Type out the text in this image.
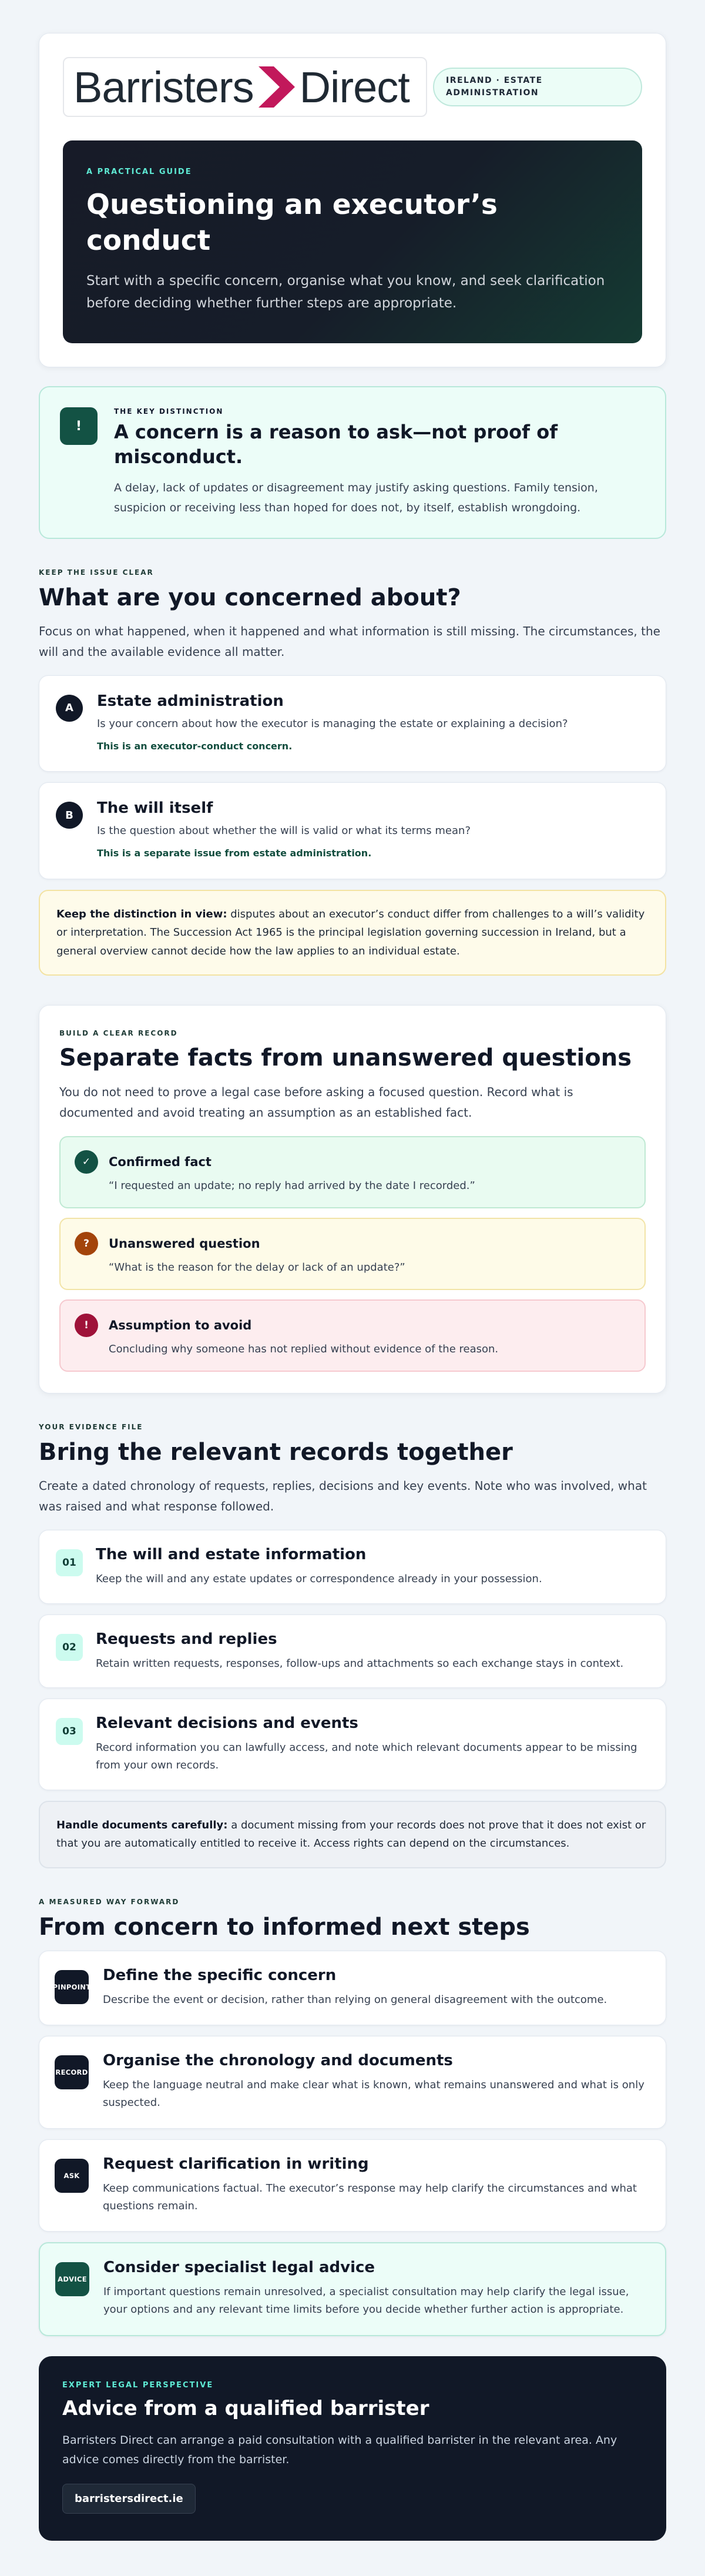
Barristers Direct	IRELAND · ESTATE
ADMINISTRATION
A PRACTICAL GUIDE
Questioning an executor’s conduct

Start with a specific concern, organise what you know, and seek clarification before deciding whether further steps are appropriate.

!
THE KEY DISTINCTION
A concern is a reason to ask—not proof of misconduct.

A delay, lack of updates or disagreement may justify asking questions. Family tension, suspicion or receiving less than hoped for does not, by itself, establish wrongdoing.

KEEP THE ISSUE CLEAR
What are you concerned about?

Focus on what happened, when it happened and what information is still missing. The circumstances, the will and the available evidence all matter.

A	Estate administration

Is your concern about how the executor is managing the estate or explaining a decision?

This is an executor-conduct concern.

B	The will itself

Is the question about whether the will is valid or what its terms mean?

This is a separate issue from estate administration.

Keep the distinction in view: disputes about an executor’s conduct differ from challenges to a will’s validity or interpretation. The Succession Act 1965 is the principal legislation governing succession in Ireland, but a general overview cannot decide how the law applies to an individual estate.
BUILD A CLEAR RECORD
Separate facts from unanswered questions

You do not need to prove a legal case before asking a focused question. Record what is documented and avoid treating an assumption as an established fact.

✓	Confirmed fact

“I requested an update; no reply had arrived by the date I recorded.”

?	Unanswered question

“What is the reason for the delay or lack of an update?”

!	Assumption to avoid

Concluding why someone has not replied without evidence of the reason.

YOUR EVIDENCE FILE
Bring the relevant records together

Create a dated chronology of requests, replies, decisions and key events. Note who was involved, what was raised and what response followed.

01	The will and estate information

Keep the will and any estate updates or correspondence already in your possession.

02	Requests and replies

Retain written requests, responses, follow-ups and attachments so each exchange stays in context.

03	Relevant decisions and events

Record information you can lawfully access, and note which relevant documents appear to be missing from your own records.

Handle documents carefully: a document missing from your records does not prove that it does not exist or that you are automatically entitled to receive it. Access rights can depend on the circumstances.
A MEASURED WAY FORWARD
From concern to informed next steps
PINPOINT
Define the specific concern

Describe the event or decision, rather than relying on general disagreement with the outcome.

RECORD
Organise the chronology and documents

Keep the language neutral and make clear what is known, what remains unanswered and what is only suspected.

ASK
Request clarification in writing

Keep communications factual. The executor’s response may help clarify the circumstances and what questions remain.

ADVICE
Consider specialist legal advice

If important questions remain unresolved, a specialist consultation may help clarify the legal issue, your options and any relevant time limits before you decide whether further action is appropriate.

EXPERT LEGAL PERSPECTIVE
Advice from a qualified barrister

Barristers Direct can arrange a paid consultation with a qualified barrister in the relevant area. Any advice comes directly from the barrister.

barristersdirect.ie
